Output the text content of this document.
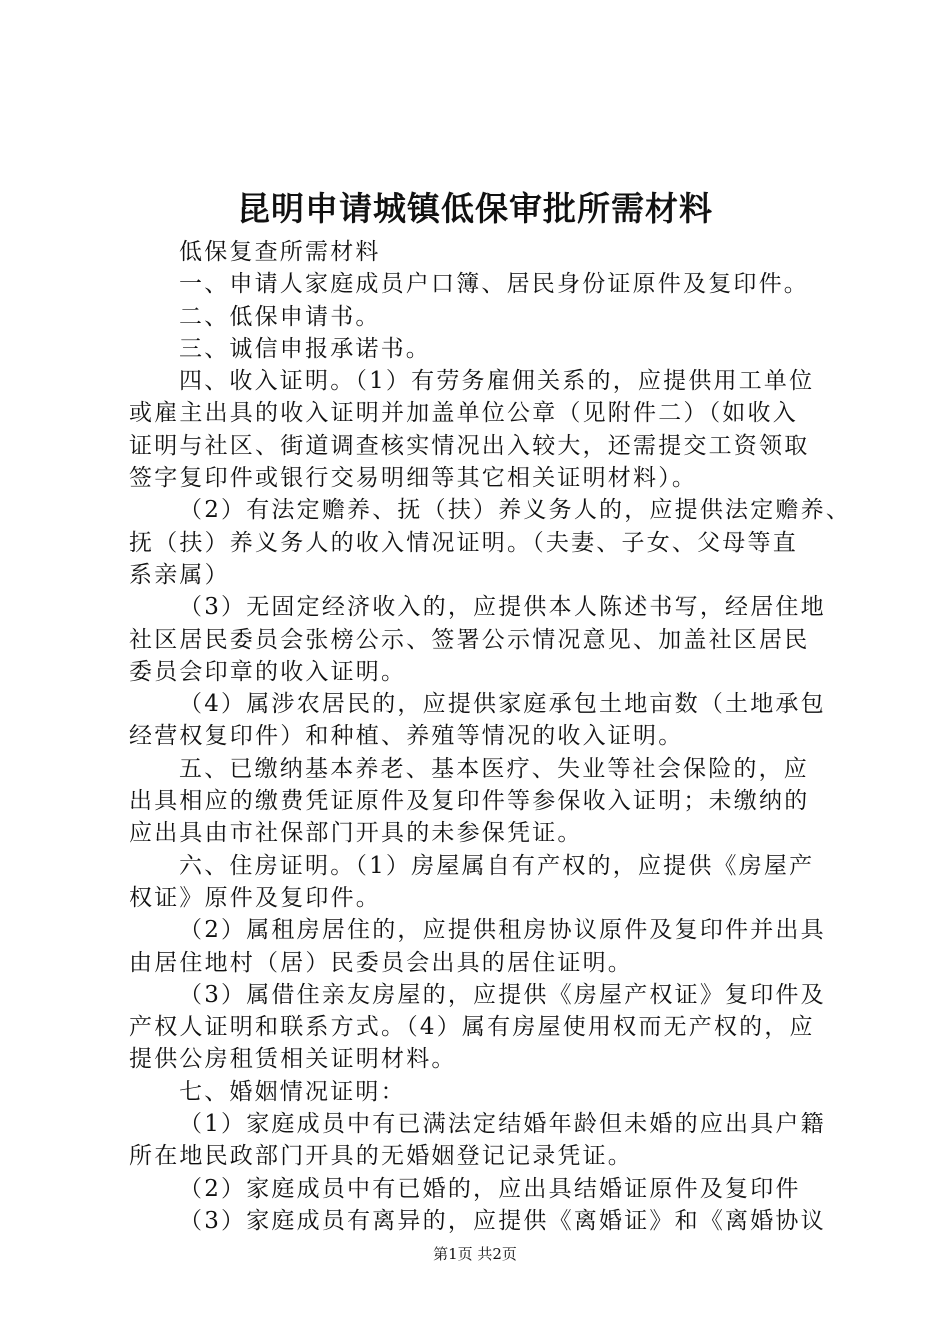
昆明申请城镇低保审批所需材料
低保复查所需材料
一、申请人家庭成员户口簿、居民身份证原件及复印件。
二、低保申请书。
三、诚信申报承诺书。
四、收入证明。（1）有劳务雇佣关系的，应提供用工单位
或雇主出具的收入证明并加盖单位公章（见附件二）（如收入
证明与社区、街道调查核实情况出入较大，还需提交工资领取
签字复印件或银行交易明细等其它相关证明材料）。
（2）有法定赡养、抚（扶）养义务人的，应提供法定赡养、
抚（扶）养义务人的收入情况证明。（夫妻、子女、父母等直
系亲属）
（3）无固定经济收入的，应提供本人陈述书写，经居住地
社区居民委员会张榜公示、签署公示情况意见、加盖社区居民
委员会印章的收入证明。
（4）属涉农居民的，应提供家庭承包土地亩数（土地承包
经营权复印件）和种植、养殖等情况的收入证明。
五、已缴纳基本养老、基本医疗、失业等社会保险的，应
出具相应的缴费凭证原件及复印件等参保收入证明；未缴纳的
应出具由市社保部门开具的未参保凭证。
六、住房证明。（1）房屋属自有产权的，应提供《房屋产
权证》原件及复印件。
（2）属租房居住的，应提供租房协议原件及复印件并出具
由居住地村（居）民委员会出具的居住证明。
（3）属借住亲友房屋的，应提供《房屋产权证》复印件及
产权人证明和联系方式。（4）属有房屋使用权而无产权的，应
提供公房租赁相关证明材料。
七、婚姻情况证明：
（1）家庭成员中有已满法定结婚年龄但未婚的应出具户籍
所在地民政部门开具的无婚姻登记记录凭证。
（2）家庭成员中有已婚的，应出具结婚证原件及复印件
（3）家庭成员有离异的，应提供《离婚证》和《离婚协议
第1页 共2页
